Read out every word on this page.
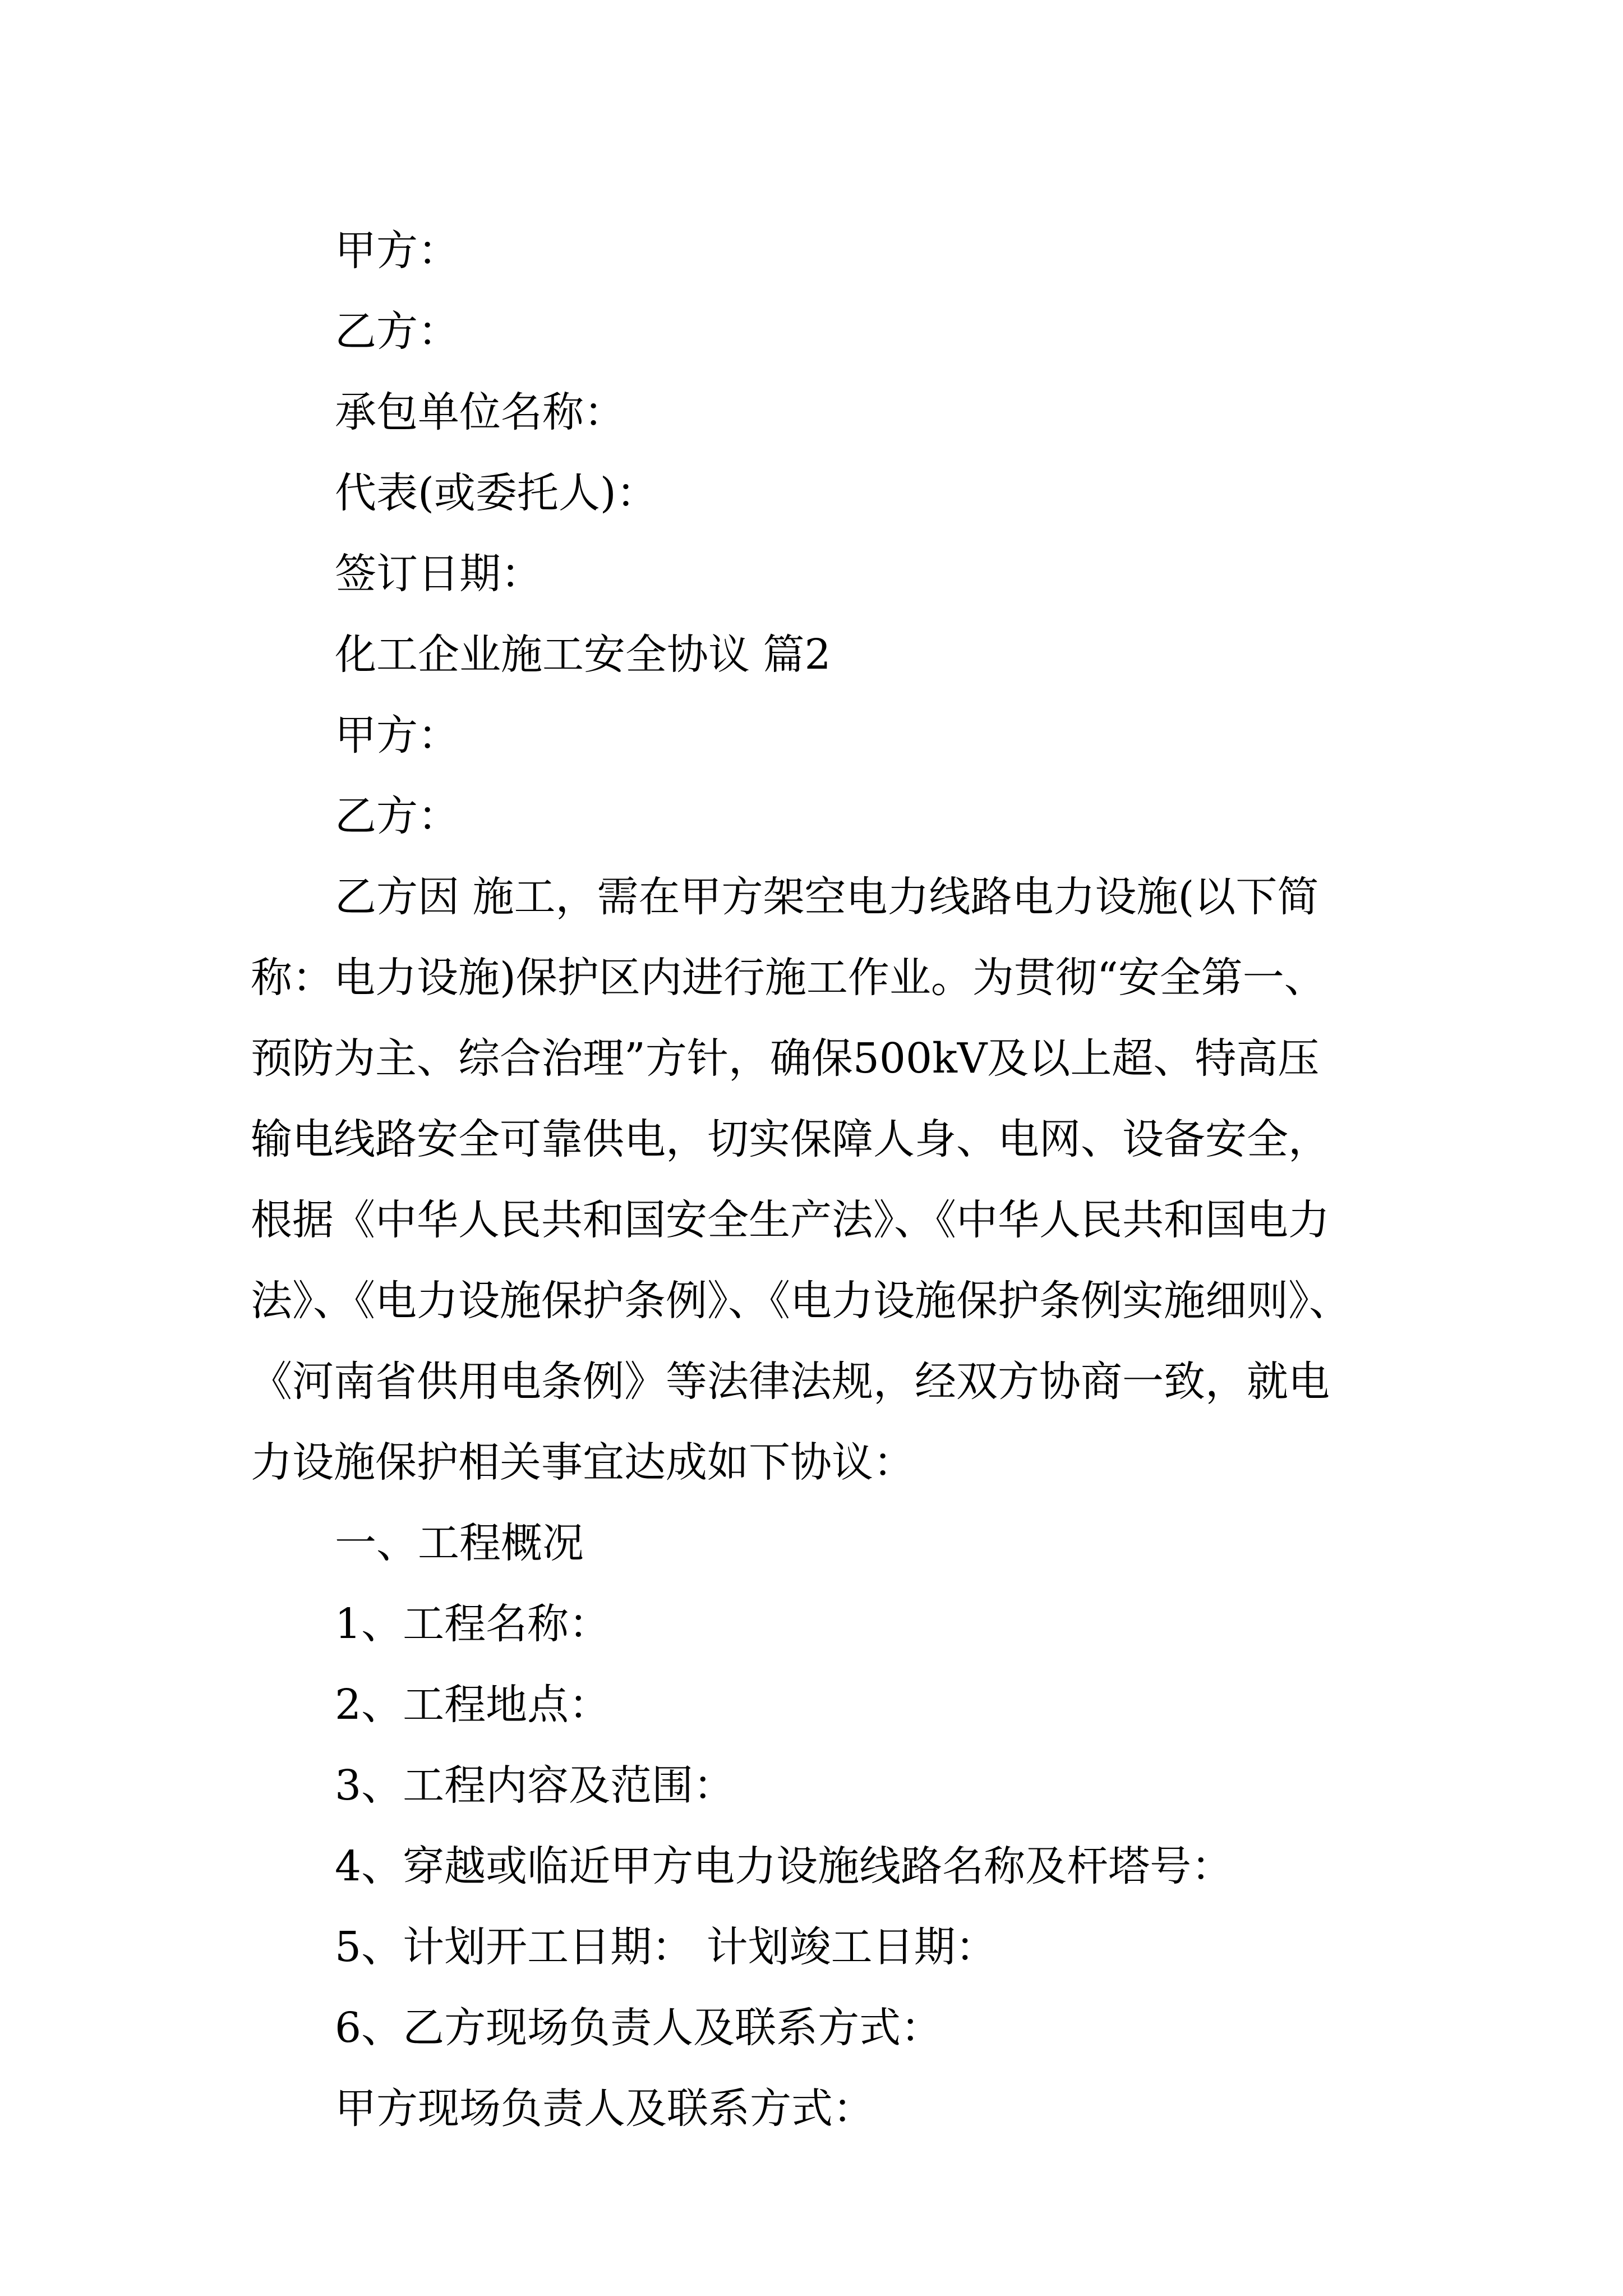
甲方：
乙方：
承包单位名称：
代表(或委托人)：
签订日期：
化工企业施工安全协议 篇2
甲方：
乙方：
乙方因 施工，需在甲方架空电力线路电力设施(以下简
称：电力设施)保护区内进行施工作业。为贯彻“安全第一、
预防为主、综合治理”方针，确保500kV及以上超、特高压
输电线路安全可靠供电，切实保障人身、电网、设备安全，
根据《中华人民共和国安全生产法》、《中华人民共和国电力
法》、《电力设施保护条例》、《电力设施保护条例实施细则》、
《河南省供用电条例》等法律法规，经双方协商一致，就电
力设施保护相关事宜达成如下协议：
一、工程概况
1、工程名称：
2、工程地点：
3、工程内容及范围：
4、穿越或临近甲方电力设施线路名称及杆塔号：
5、计划开工日期： 计划竣工日期：
6、乙方现场负责人及联系方式：
甲方现场负责人及联系方式：
